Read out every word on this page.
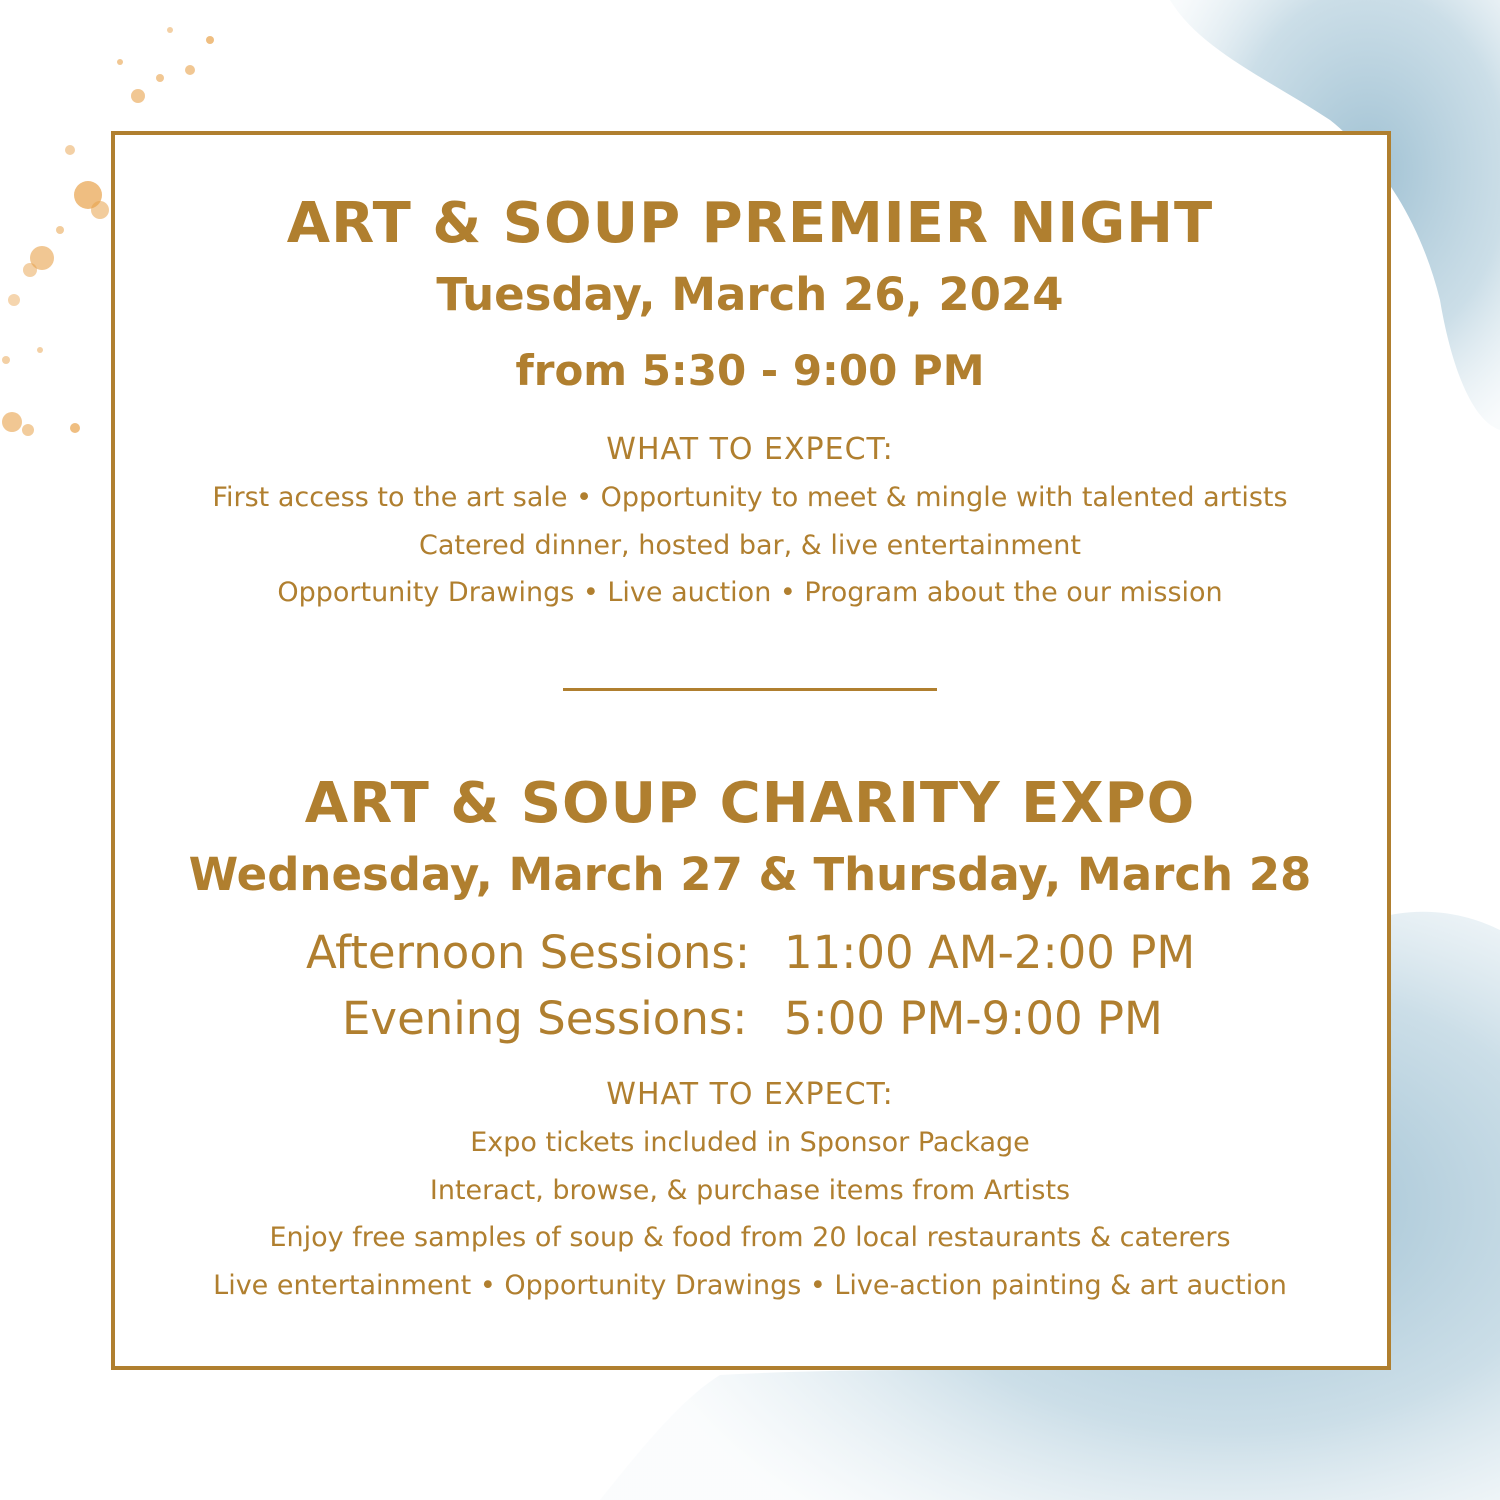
ART & SOUP PREMIER NIGHT
Tuesday, March 26, 2024
from 5:30 - 9:00 PM
WHAT TO EXPECT:
First access to the art sale • Opportunity to meet & mingle with talented artists
Catered dinner, hosted bar, & live entertainment
Opportunity Drawings • Live auction • Program about the our mission
ART & SOUP CHARITY EXPO
Wednesday, March 27 & Thursday, March 28
Afternoon Sessions: 11:00 AM-2:00 PM
Evening Sessions: 5:00 PM-9:00 PM
WHAT TO EXPECT:
Expo tickets included in Sponsor Package
Interact, browse, & purchase items from Artists
Enjoy free samples of soup & food from 20 local restaurants & caterers
Live entertainment • Opportunity Drawings • Live-action painting & art auction
